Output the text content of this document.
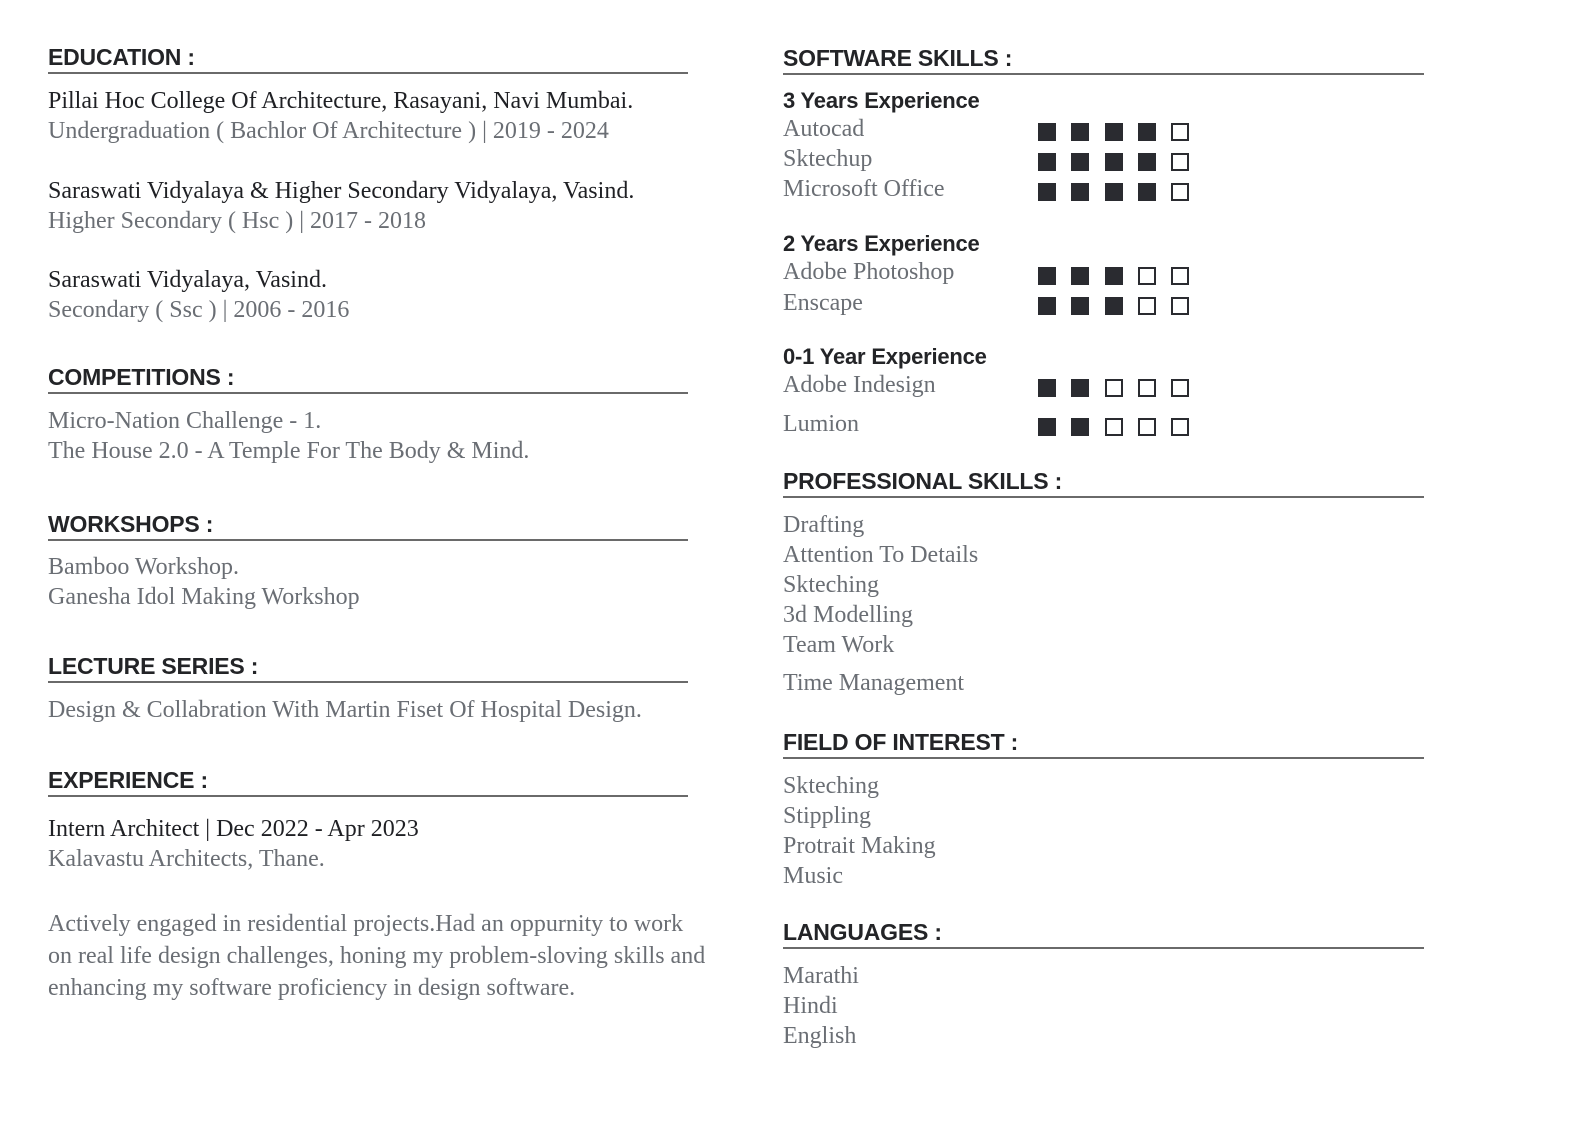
EDUCATION :
Pillai Hoc College Of Architecture, Rasayani, Navi Mumbai.
Undergraduation ( Bachlor Of Architecture ) | 2019 - 2024
Saraswati Vidyalaya & Higher Secondary Vidyalaya, Vasind.
Higher Secondary ( Hsc ) | 2017 - 2018
Saraswati Vidyalaya, Vasind.
Secondary ( Ssc ) | 2006 - 2016
COMPETITIONS :
Micro-Nation Challenge - 1.
The House 2.0 - A Temple For The Body & Mind.
WORKSHOPS :
Bamboo Workshop.
Ganesha Idol Making Workshop
LECTURE SERIES :
Design & Collabration With Martin Fiset Of Hospital Design.
EXPERIENCE :
Intern Architect | Dec 2022 - Apr 2023
Kalavastu Architects, Thane.
Actively engaged in residential projects.Had an oppurnity to work
on real life design challenges, honing my problem-sloving skills and
enhancing my software proficiency in design software.
SOFTWARE SKILLS :
3 Years Experience
Autocad
Sktechup
Microsoft Office
2 Years Experience
Adobe Photoshop
Enscape
0-1 Year Experience
Adobe Indesign
Lumion
PROFESSIONAL SKILLS :
Drafting
Attention To Details
Skteching
3d Modelling
Team Work
Time Management
FIELD OF INTEREST :
Skteching
Stippling
Protrait Making
Music
LANGUAGES :
Marathi
Hindi
English
